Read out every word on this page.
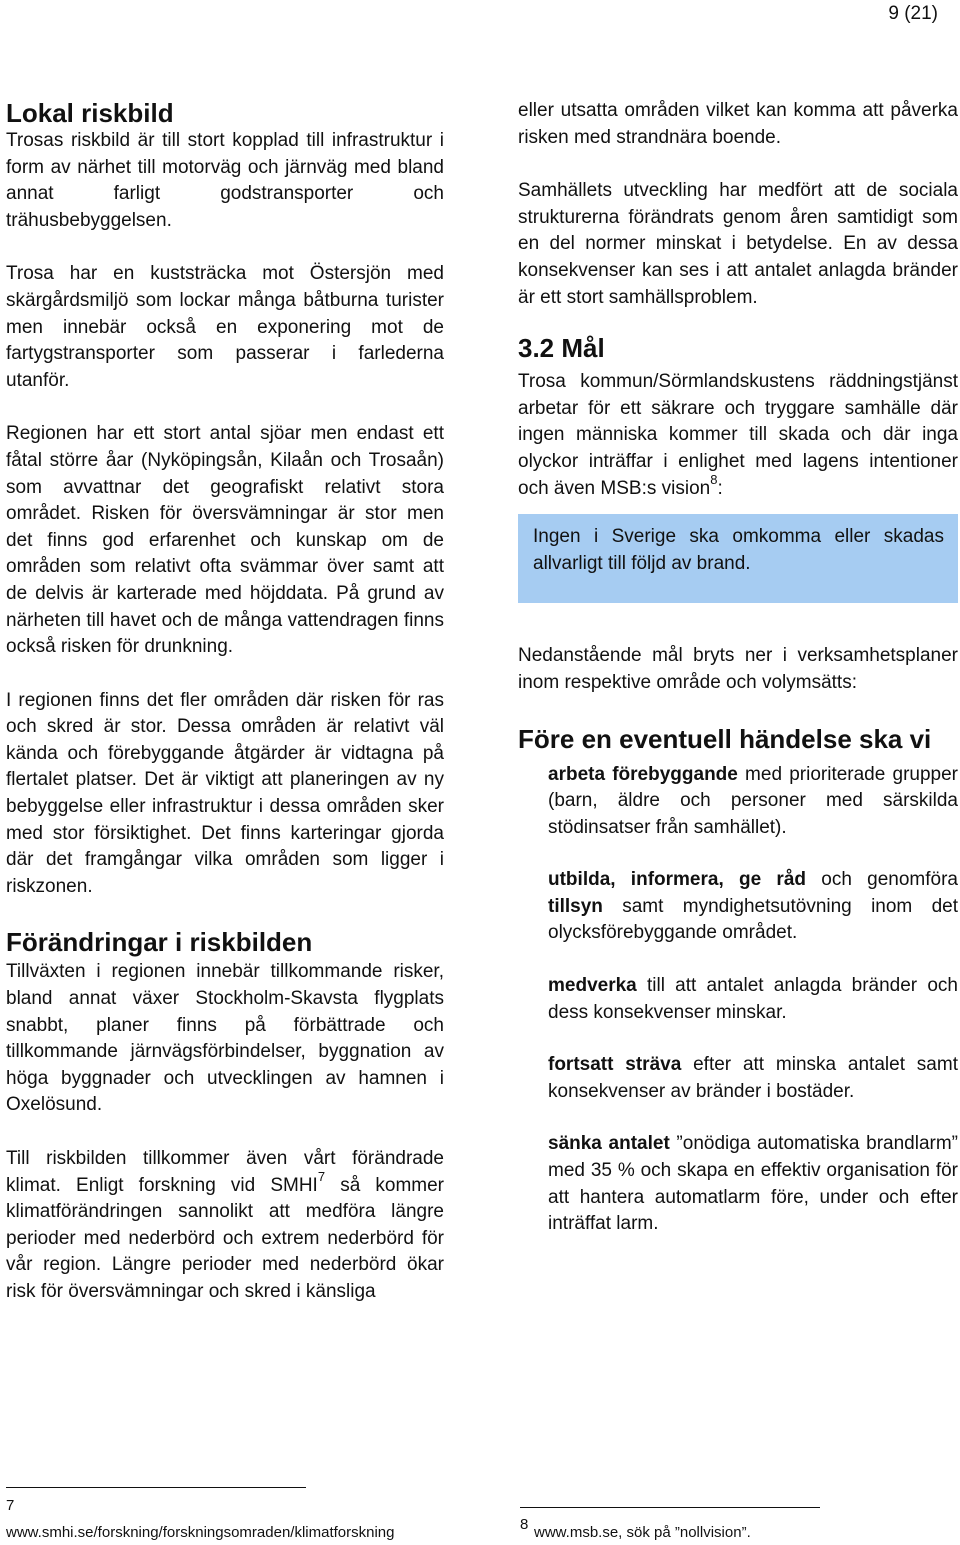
9 (21)
Lokal riskbild

Trosas riskbild är till stort kopplad till infrastruktur i form av närhet till motorväg och järnväg med bland annat farligt godstransporter och trähusbebyggelsen.

Trosa har en kuststräcka mot Östersjön med skärgårdsmiljö som lockar många båtburna turister men innebär också en exponering mot de fartygstransporter som passerar i farlederna utanför.

Regionen har ett stort antal sjöar men endast ett fåtal större åar (Nyköpingsån, Kilaån och Trosaån) som avvattnar det geografiskt relativt stora området. Risken för översvämningar är stor men det finns god erfarenhet och kunskap om de områden som relativt ofta svämmar över samt att de delvis är karterade med höjddata. På grund av närheten till havet och de många vattendragen finns också risken för drunkning.

I regionen finns det fler områden där risken för ras och skred är stor. Dessa områden är relativt väl kända och förebyggande åtgärder är vidtagna på flertalet platser. Det är viktigt att planeringen av ny bebyggelse eller infrastruktur i dessa områden sker med stor försiktighet. Det finns karteringar gjorda där det framgångar vilka områden som ligger i riskzonen.

Förändringar i riskbilden

Tillväxten i regionen innebär tillkommande risker, bland annat växer Stockholm-Skavsta flygplats snabbt, planer finns på förbättrade och tillkommande järnvägsförbindelser, byggnation av höga byggnader och utvecklingen av hamnen i Oxelösund.

Till riskbilden tillkommer även vårt förändrade klimat. Enligt forskning vid SMHI$^7$ så kommer klimatförändringen sannolikt att medföra längre perioder med nederbörd och extrem nederbörd för vår region. Längre perioder med nederbörd ökar risk för översvämningar och skred i känsliga

eller utsatta områden vilket kan komma att påverka risken med strandnära boende.

Samhällets utveckling har medfört att de sociala strukturerna förändrats genom åren samtidigt som en del normer minskat i betydelse. En av dessa konsekvenser kan ses i att antalet anlagda bränder är ett stort samhällsproblem.

3.2 Mål

Trosa kommun/Sörmlandskustens räddningstjänst arbetar för ett säkrare och tryggare samhälle där ingen människa kommer till skada och där inga olyckor inträffar i enlighet med lagens intentioner och även MSB:s vision$^8$:

Ingen i Sverige ska omkomma eller skadas allvarligt till följd av brand.

Nedanstående mål bryts ner i verksamhetsplaner inom respektive område och volymsätts:

Före en eventuell händelse ska vi
arbeta förebyggande med prioriterade grupper (barn, äldre och personer med särskilda stödinsatser från samhället).
utbilda, informera, ge råd och genomföra tillsyn samt myndighetsutövning inom det olycksförebyggande området.
medverka till att antalet anlagda bränder och dess konsekvenser minskar.
fortsatt sträva efter att minska antalet samt konsekvenser av bränder i bostäder.
sänka antalet ”onödiga automatiska brandlarm” med 35 % och skapa en effektiv organisation för att hantera automatlarm före, under och efter inträffat larm.
7
www.smhi.se/forskning/forskningsomraden/klimatforskning	8 www.msb.se, sök på ”nollvision”.
